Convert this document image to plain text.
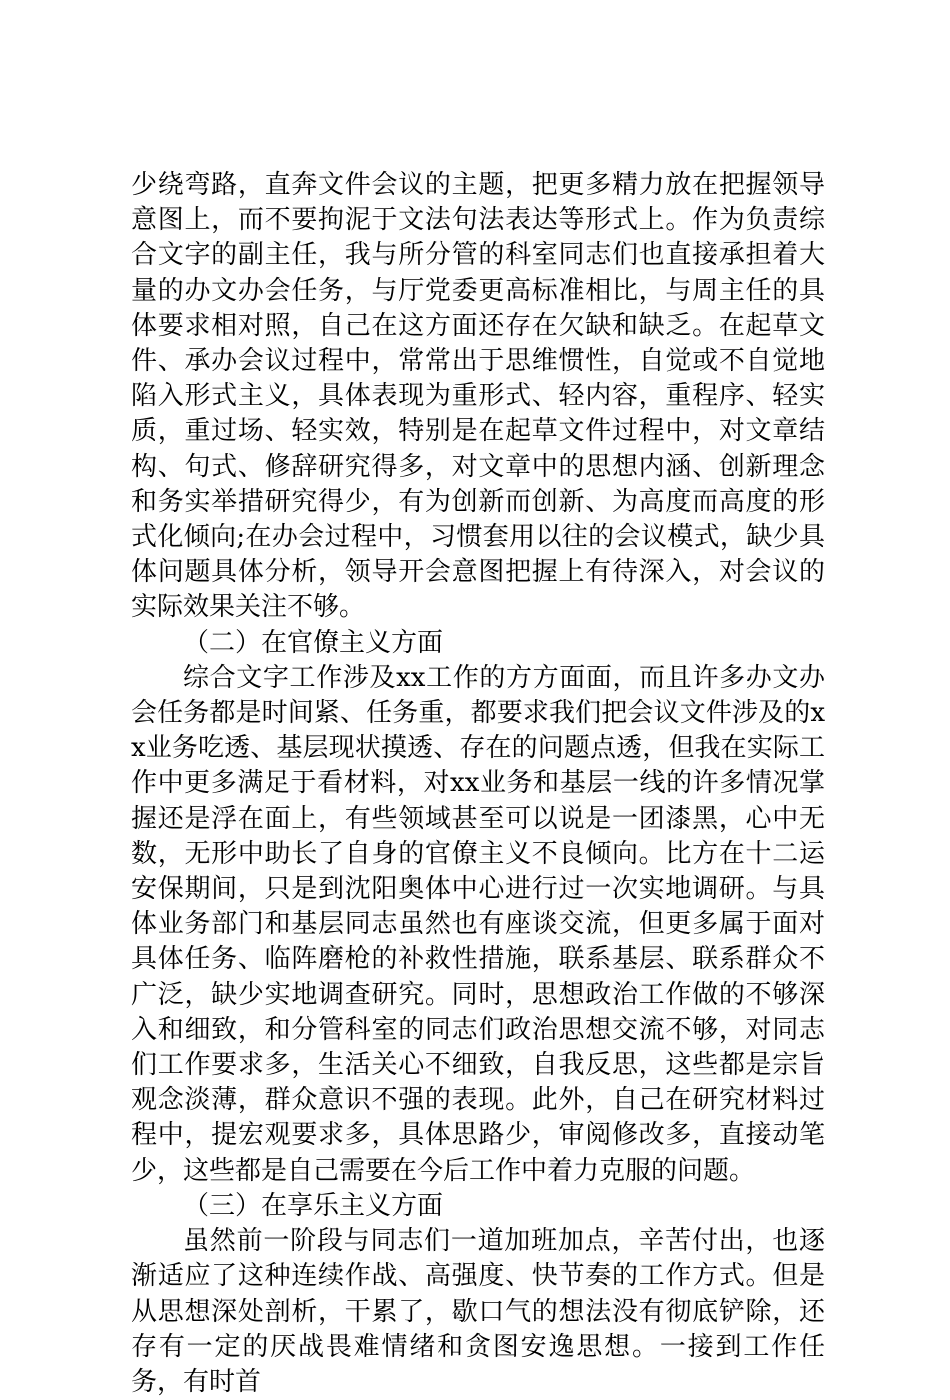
少绕弯路，直奔文件会议的主题，把更多精力放在把握领导意图上，而不要拘泥于文法句法表达等形式上。作为负责综合文字的副主任，我与所分管的科室同志们也直接承担着大量的办文办会任务，与厅党委更高标准相比，与周主任的具体要求相对照，自己在这方面还存在欠缺和缺乏。在起草文件、承办会议过程中，常常出于思维惯性，自觉或不自觉地陷入形式主义，具体表现为重形式、轻内容，重程序、轻实质，重过场、轻实效，特别是在起草文件过程中，对文章结构、句式、修辞研究得多，对文章中的思想内涵、创新理念和务实举措研究得少，有为创新而创新、为高度而高度的形式化倾向;在办会过程中，习惯套用以往的会议模式，缺少具体问题具体分析，领导开会意图把握上有待深入，对会议的实际效果关注不够。

（二）在官僚主义方面

综合文字工作涉及xx工作的方方面面，而且许多办文办会任务都是时间紧、任务重，都要求我们把会议文件涉及的xx业务吃透、基层现状摸透、存在的问题点透，但我在实际工作中更多满足于看材料，对xx业务和基层一线的许多情况掌握还是浮在面上，有些领域甚至可以说是一团漆黑，心中无数，无形中助长了自身的官僚主义不良倾向。比方在十二运安保期间，只是到沈阳奥体中心进行过一次实地调研。与具体业务部门和基层同志虽然也有座谈交流，但更多属于面对具体任务、临阵磨枪的补救性措施，联系基层、联系群众不广泛，缺少实地调查研究。同时，思想政治工作做的不够深入和细致，和分管科室的同志们政治思想交流不够，对同志们工作要求多，生活关心不细致，自我反思，这些都是宗旨观念淡薄，群众意识不强的表现。此外，自己在研究材料过程中，提宏观要求多，具体思路少，审阅修改多，直接动笔少，这些都是自己需要在今后工作中着力克服的问题。

（三）在享乐主义方面

虽然前一阶段与同志们一道加班加点，辛苦付出，也逐渐适应了这种连续作战、高强度、快节奏的工作方式。但是从思想深处剖析，干累了，歇口气的想法没有彻底铲除，还存有一定的厌战畏难情绪和贪图安逸思想。一接到工作任务，有时首
